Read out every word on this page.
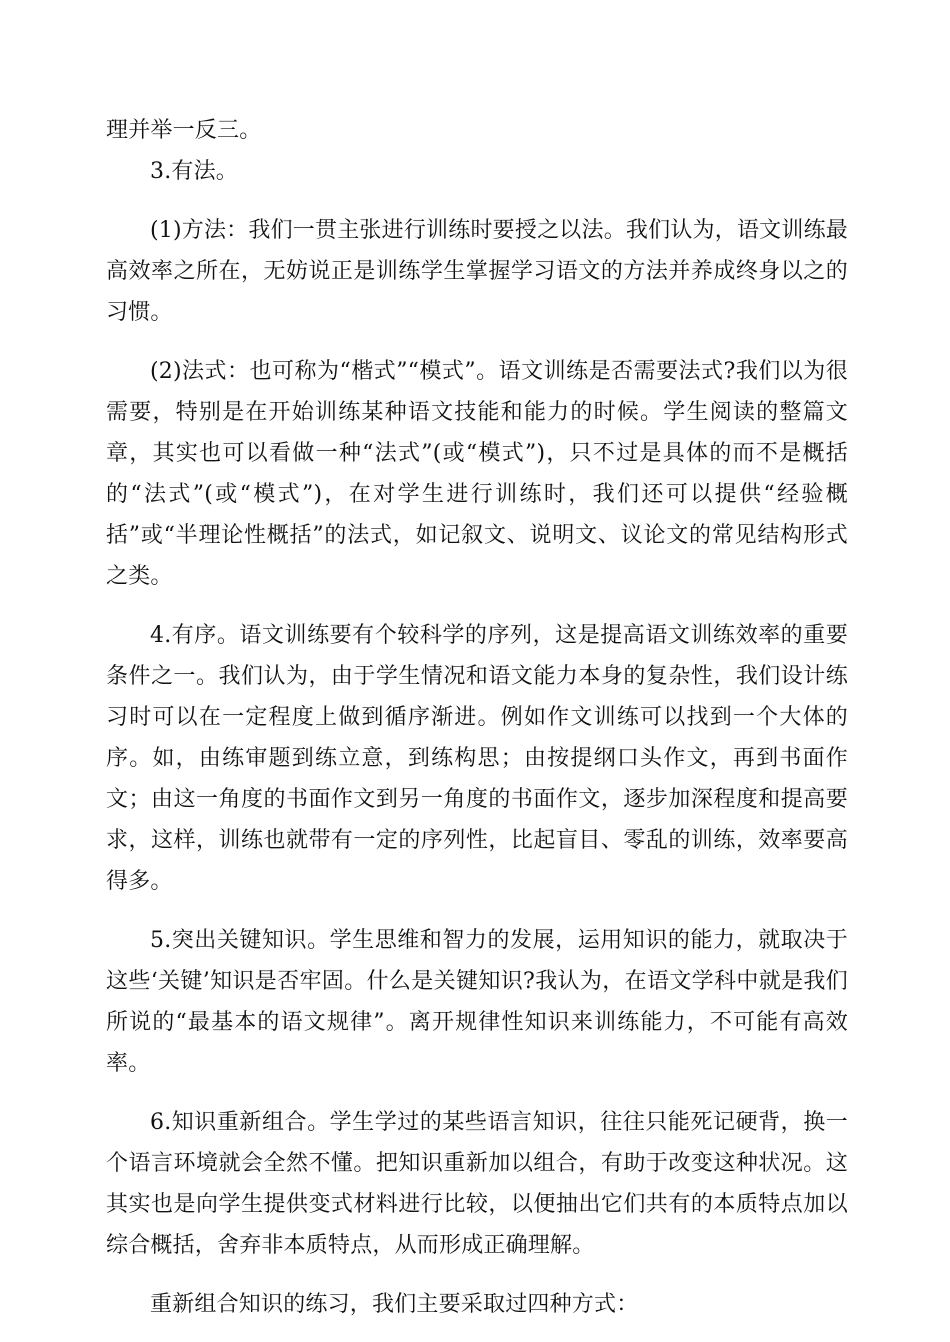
理并举一反三。

3.有法。

(1)方法：我们一贯主张进行训练时要授之以法。我们认为，语文训练最高效率之所在，无妨说正是训练学生掌握学习语文的方法并养成终身以之的习惯。

(2)法式：也可称为“楷式”“模式”。语文训练是否需要法式?我们以为很需要，特别是在开始训练某种语文技能和能力的时候。学生阅读的整篇文章，其实也可以看做一种“法式”(或“模式”)，只不过是具体的而不是概括的“法式”(或“模式”)，在对学生进行训练时，我们还可以提供“经验概括”或“半理论性概括”的法式，如记叙文、说明文、议论文的常见结构形式之类。

4.有序。语文训练要有个较科学的序列，这是提高语文训练效率的重要条件之一。我们认为，由于学生情况和语文能力本身的复杂性，我们设计练习时可以在一定程度上做到循序渐进。例如作文训练可以找到一个大体的序。如，由练审题到练立意，到练构思；由按提纲口头作文，再到书面作文；由这一角度的书面作文到另一角度的书面作文，逐步加深程度和提高要求，这样，训练也就带有一定的序列性，比起盲目、零乱的训练，效率要高得多。

5.突出关键知识。学生思维和智力的发展，运用知识的能力，就取决于这些‘关键’知识是否牢固。什么是关键知识?我认为，在语文学科中就是我们所说的“最基本的语文规律”。离开规律性知识来训练能力，不可能有高效率。

6.知识重新组合。学生学过的某些语言知识，往往只能死记硬背，换一个语言环境就会全然不懂。把知识重新加以组合，有助于改变这种状况。这其实也是向学生提供变式材料进行比较，以便抽出它们共有的本质特点加以综合概括，舍弃非本质特点，从而形成正确理解。

重新组合知识的练习，我们主要采取过四种方式：
